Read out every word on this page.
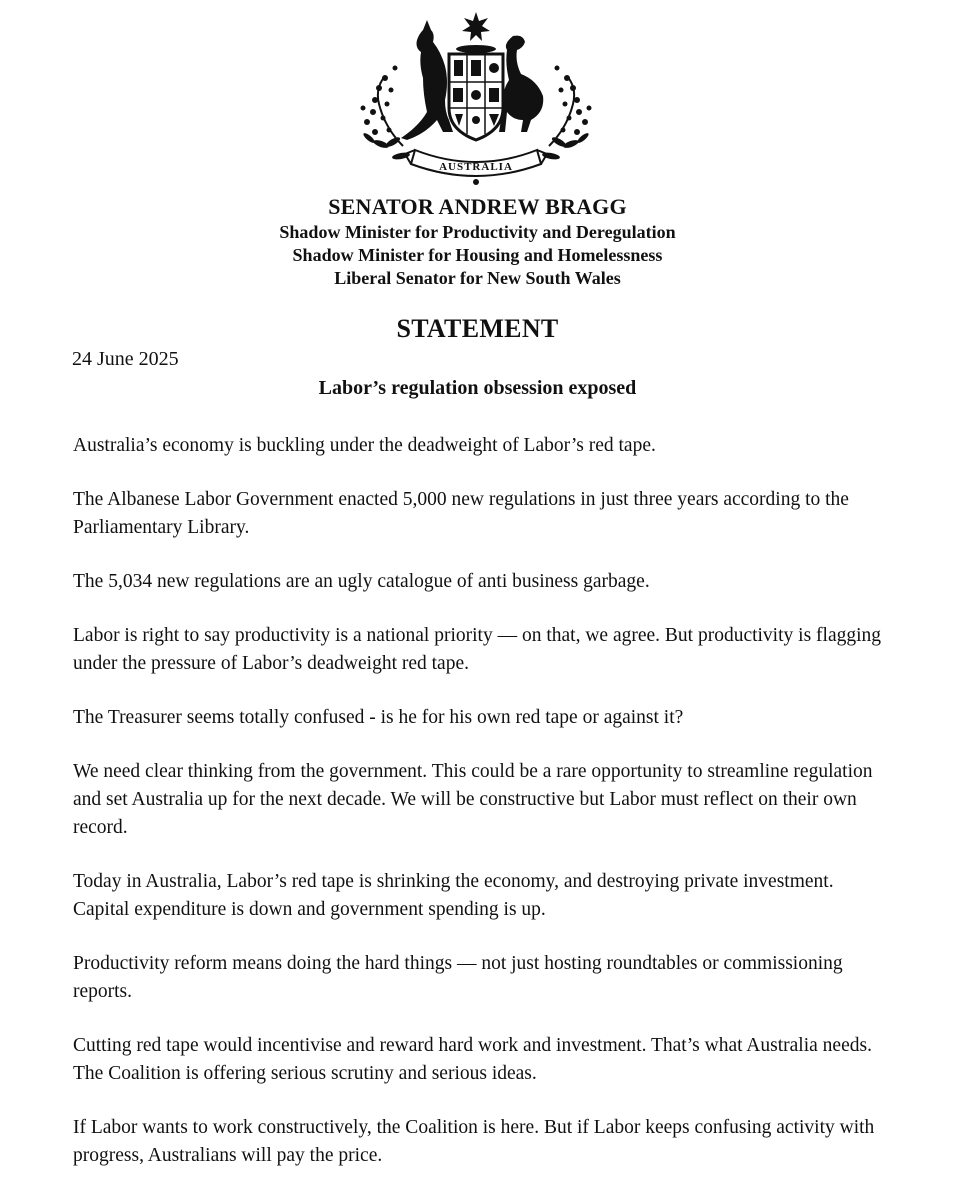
AUSTRALIA
SENATOR ANDREW BRAGG
Shadow Minister for Productivity and Deregulation
Shadow Minister for Housing and Homelessness
Liberal Senator for New South Wales
STATEMENT
24 June 2025
Labor’s regulation obsession exposed

Australia’s economy is buckling under the deadweight of Labor’s red tape.

The Albanese Labor Government enacted 5,000 new regulations in just three years according to the Parliamentary Library.

The 5,034 new regulations are an ugly catalogue of anti business garbage.

Labor is right to say productivity is a national priority — on that, we agree. But productivity is flagging under the pressure of Labor’s deadweight red tape.

The Treasurer seems totally confused - is he for his own red tape or against it?

We need clear thinking from the government. This could be a rare opportunity to streamline regulation and set Australia up for the next decade. We will be constructive but Labor must reflect on their own record.

Today in Australia, Labor’s red tape is shrinking the economy, and destroying private investment. Capital expenditure is down and government spending is up.

Productivity reform means doing the hard things — not just hosting roundtables or commissioning reports.

Cutting red tape would incentivise and reward hard work and investment. That’s what Australia needs. The Coalition is offering serious scrutiny and serious ideas.

If Labor wants to work constructively, the Coalition is here. But if Labor keeps confusing activity with progress, Australians will pay the price.
